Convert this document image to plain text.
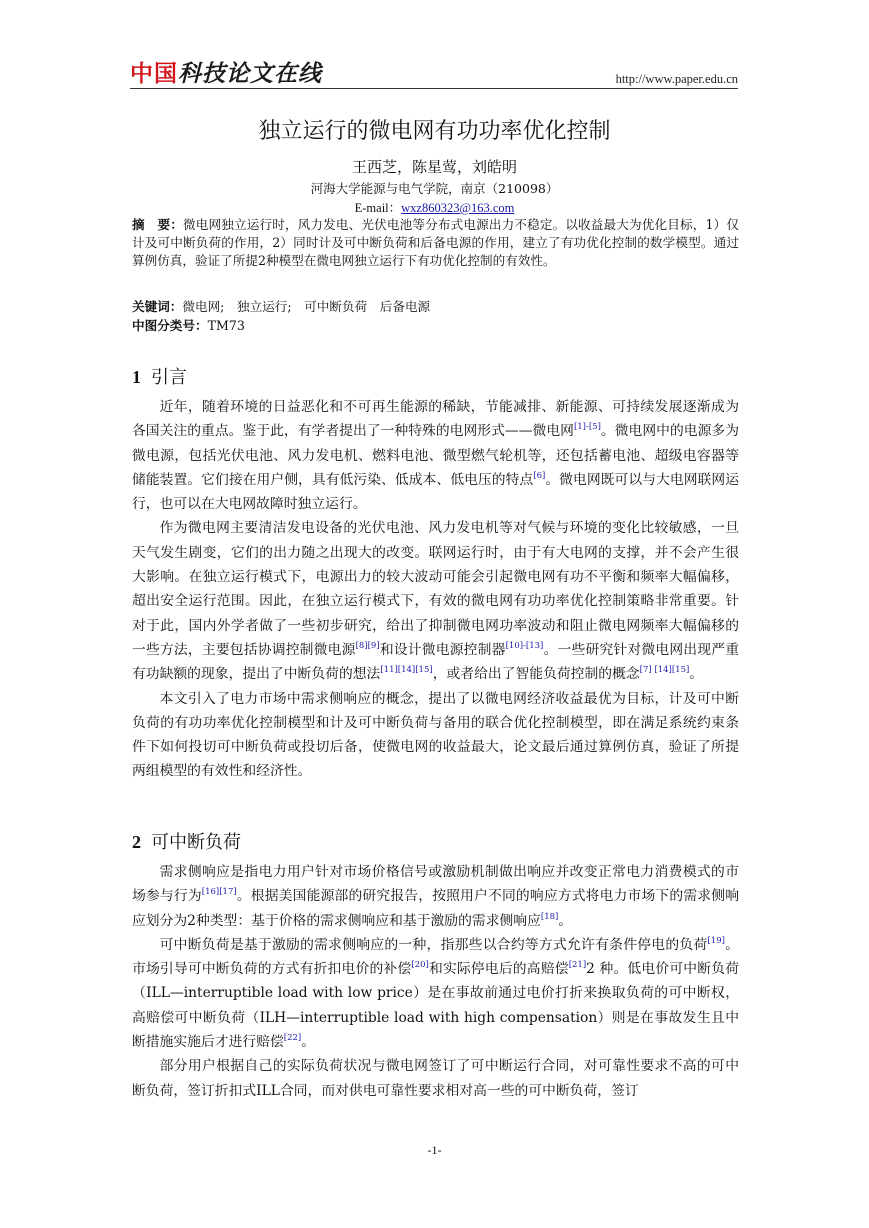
中国科技论文在线	http://www.paper.edu.cn
独立运行的微电网有功功率优化控制
王西芝，陈星莺，刘皓明
河海大学能源与电气学院，南京（210098）
E-mail：wxz860323@163.com
摘　要：微电网独立运行时，风力发电、光伏电池等分布式电源出力不稳定。以收益最大为优化目标，1）仅计及可中断负荷的作用，2）同时计及可中断负荷和后备电源的作用，建立了有功优化控制的数学模型。通过算例仿真，验证了所提2种模型在微电网独立运行下有功优化控制的有效性。
关键词：微电网;　独立运行;　可中断负荷　后备电源
中图分类号：TM73
1 引言

近年，随着环境的日益恶化和不可再生能源的稀缺，节能减排、新能源、可持续发展逐渐成为各国关注的重点。鉴于此，有学者提出了一种特殊的电网形式——微电网[1]-[5]。微电网中的电源多为微电源，包括光伏电池、风力发电机、燃料电池、微型燃气轮机等，还包括蓄电池、超级电容器等储能装置。它们接在用户侧，具有低污染、低成本、低电压的特点[6]。微电网既可以与大电网联网运行，也可以在大电网故障时独立运行。

作为微电网主要清洁发电设备的光伏电池、风力发电机等对气候与环境的变化比较敏感，一旦天气发生剧变，它们的出力随之出现大的改变。联网运行时，由于有大电网的支撑，并不会产生很大影响。在独立运行模式下，电源出力的较大波动可能会引起微电网有功不平衡和频率大幅偏移，超出安全运行范围。因此，在独立运行模式下，有效的微电网有功功率优化控制策略非常重要。针对于此，国内外学者做了一些初步研究，给出了抑制微电网功率波动和阻止微电网频率大幅偏移的一些方法，主要包括协调控制微电源[8][9]和设计微电源控制器[10]-[13]。一些研究针对微电网出现严重有功缺额的现象，提出了中断负荷的想法[11][14][15]，或者给出了智能负荷控制的概念[7] [14][15]。

本文引入了电力市场中需求侧响应的概念，提出了以微电网经济收益最优为目标，计及可中断负荷的有功功率优化控制模型和计及可中断负荷与备用的联合优化控制模型，即在满足系统约束条件下如何投切可中断负荷或投切后备，使微电网的收益最大，论文最后通过算例仿真，验证了所提两组模型的有效性和经济性。

2 可中断负荷

需求侧响应是指电力用户针对市场价格信号或激励机制做出响应并改变正常电力消费模式的市场参与行为[16][17]。根据美国能源部的研究报告，按照用户不同的响应方式将电力市场下的需求侧响应划分为2种类型：基于价格的需求侧响应和基于激励的需求侧响应[18]。

可中断负荷是基于激励的需求侧响应的一种，指那些以合约等方式允许有条件停电的负荷[19]。市场引导可中断负荷的方式有折扣电价的补偿[20]和实际停电后的高赔偿[21]2 种。低电价可中断负荷（ILL—interruptible load with low price）是在事故前通过电价打折来换取负荷的可中断权，高赔偿可中断负荷（ILH—interruptible load with high compensation）则是在事故发生且中断措施实施后才进行赔偿[22]。

部分用户根据自己的实际负荷状况与微电网签订了可中断运行合同，对可靠性要求不高的可中断负荷，签订折扣式ILL合同，而对供电可靠性要求相对高一些的可中断负荷，签订

-1-
